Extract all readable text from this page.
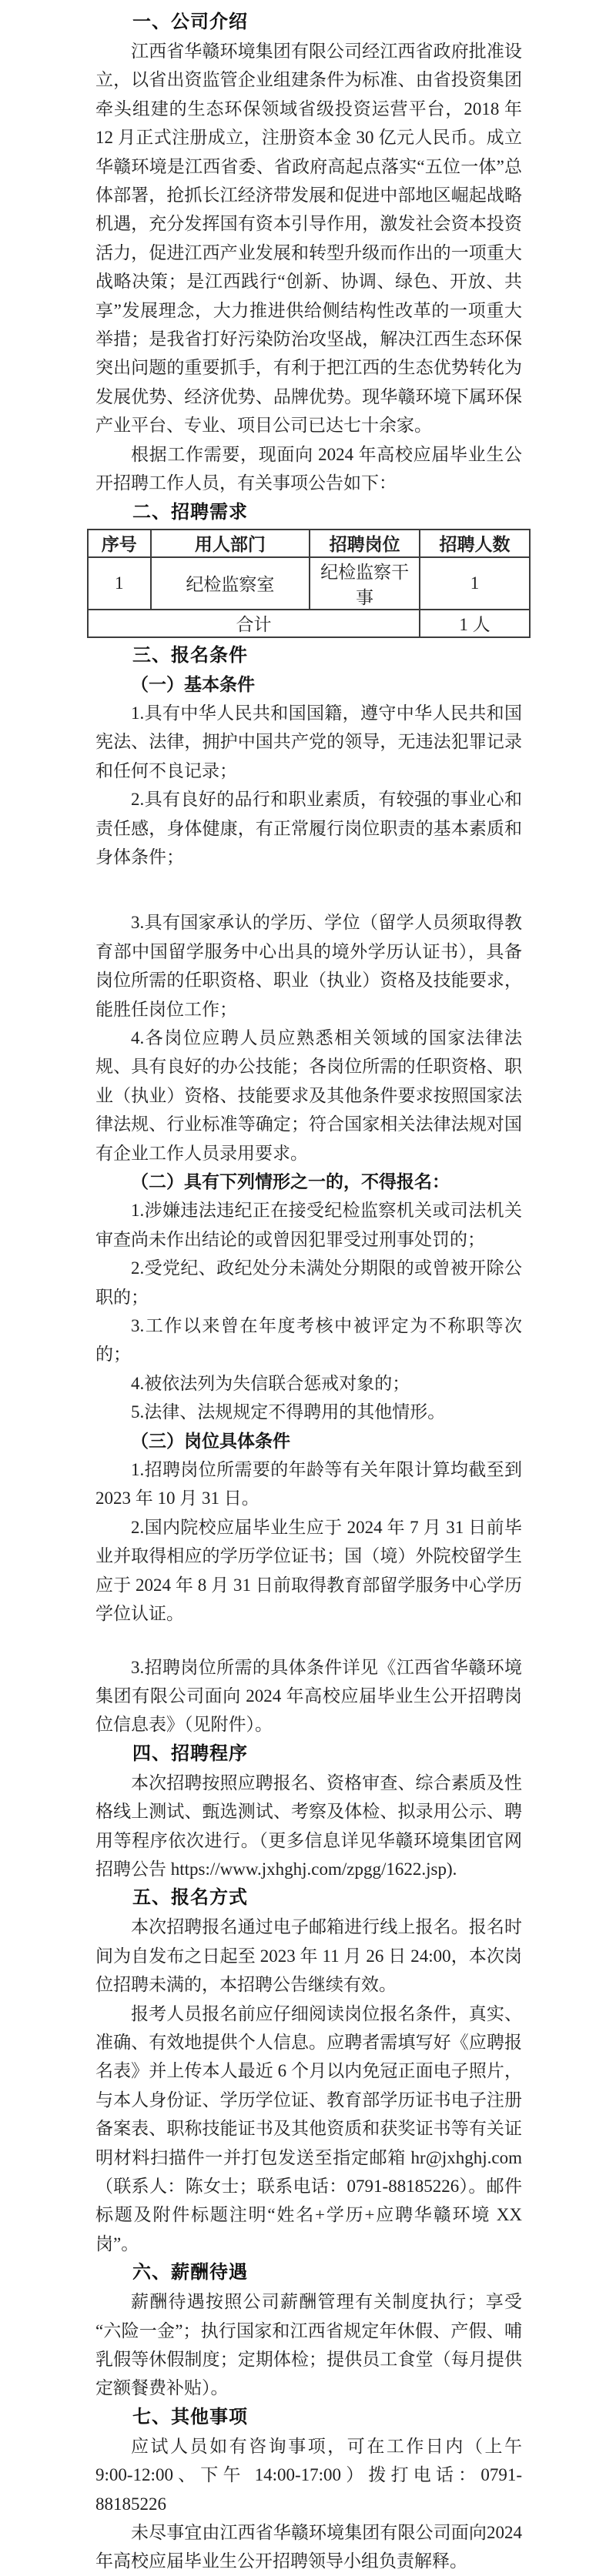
一、公司介绍

江西省华赣环境集团有限公司经江西省政府批准设立，以省出资监管企业组建条件为标准、由省投资集团牵头组建的生态环保领域省级投资运营平台，2018 年 12 月正式注册成立，注册资本金 30 亿元人民币。成立华赣环境是江西省委、省政府高起点落实“五位一体”总体部署，抢抓长江经济带发展和促进中部地区崛起战略机遇，充分发挥国有资本引导作用，激发社会资本投资活力，促进江西产业发展和转型升级而作出的一项重大战略决策；是江西践行“创新、协调、绿色、开放、共享”发展理念，大力推进供给侧结构性改革的一项重大举措；是我省打好污染防治攻坚战，解决江西生态环保突出问题的重要抓手，有利于把江西的生态优势转化为发展优势、经济优势、品牌优势。现华赣环境下属环保产业平台、专业、项目公司已达七十余家。

根据工作需要，现面向 2024 年高校应届毕业生公开招聘工作人员，有关事项公告如下：

二、招聘需求
序号	用人部门	招聘岗位	招聘人数
1	纪检监察室	纪检监察干事	1
合计			1 人
三、报名条件
（一）基本条件

1.具有中华人民共和国国籍，遵守中华人民共和国宪法、法律，拥护中国共产党的领导，无违法犯罪记录和任何不良记录；

2.具有良好的品行和职业素质，有较强的事业心和责任感，身体健康，有正常履行岗位职责的基本素质和身体条件；

3.具有国家承认的学历、学位（留学人员须取得教育部中国留学服务中心出具的境外学历认证书），具备岗位所需的任职资格、职业（执业）资格及技能要求，能胜任岗位工作；

4.各岗位应聘人员应熟悉相关领域的国家法律法规、具有良好的办公技能；各岗位所需的任职资格、职业（执业）资格、技能要求及其他条件要求按照国家法律法规、行业标准等确定；符合国家相关法律法规对国有企业工作人员录用要求。

（二）具有下列情形之一的，不得报名：

1.涉嫌违法违纪正在接受纪检监察机关或司法机关审查尚未作出结论的或曾因犯罪受过刑事处罚的；

2.受党纪、政纪处分未满处分期限的或曾被开除公职的；

3.工作以来曾在年度考核中被评定为不称职等次的；

4.被依法列为失信联合惩戒对象的；

5.法律、法规规定不得聘用的其他情形。

（三）岗位具体条件

1.招聘岗位所需要的年龄等有关年限计算均截至到 2023 年 10 月 31 日。

2.国内院校应届毕业生应于 2024 年 7 月 31 日前毕业并取得相应的学历学位证书；国（境）外院校留学生应于 2024 年 8 月 31 日前取得教育部留学服务中心学历学位认证。

3.招聘岗位所需的具体条件详见《江西省华赣环境集团有限公司面向 2024 年高校应届毕业生公开招聘岗位信息表》（见附件）。

四、招聘程序

本次招聘按照应聘报名、资格审查、综合素质及性格线上测试、甄选测试、考察及体检、拟录用公示、聘用等程序依次进行。（更多信息详见华赣环境集团官网招聘公告 https://www.jxhghj.com/zpgg/1622.jsp).

五、报名方式

本次招聘报名通过电子邮箱进行线上报名。报名时间为自发布之日起至 2023 年 11 月 26 日 24:00，本次岗位招聘未满的，本招聘公告继续有效。

报考人员报名前应仔细阅读岗位报名条件，真实、准确、有效地提供个人信息。应聘者需填写好《应聘报名表》并上传本人最近 6 个月以内免冠正面电子照片，与本人身份证、学历学位证、教育部学历证书电子注册备案表、职称技能证书及其他资质和获奖证书等有关证明材料扫描件一并打包发送至指定邮箱 hr@jxhghj.com（联系人：陈女士；联系电话：0791-88185226）。邮件标题及附件标题注明“姓名+学历+应聘华赣环境 XX 岗”。

六、薪酬待遇

薪酬待遇按照公司薪酬管理有关制度执行；享受“六险一金”；执行国家和江西省规定年休假、产假、哺乳假等休假制度；定期体检；提供员工食堂（每月提供定额餐费补贴）。

七、其他事项

应试人员如有咨询事项，可在工作日内（上午 9:00-12:00、下午 14:00-17:00）拨打电话：0791-88185226

未尽事宜由江西省华赣环境集团有限公司面向2024年高校应届毕业生公开招聘领导小组负责解释。
